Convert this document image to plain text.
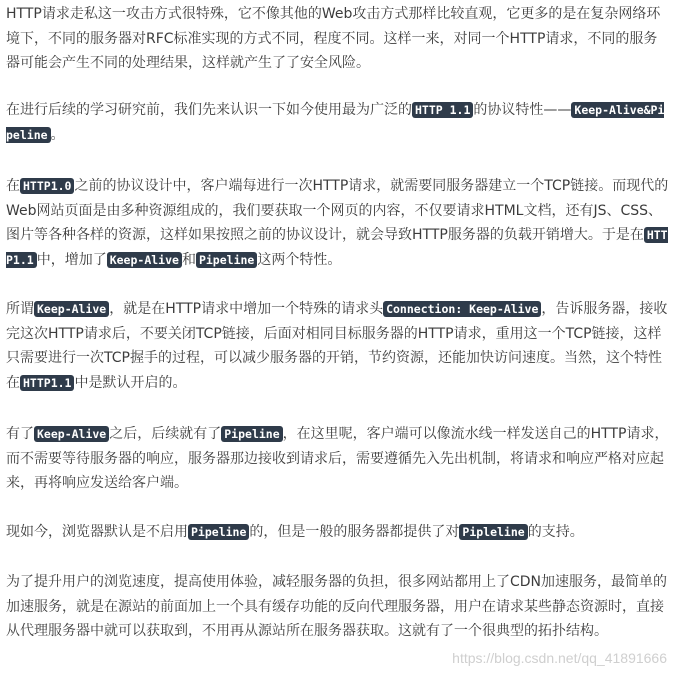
HTTP请求走私这一攻击方式很特殊，它不像其他的Web攻击方式那样比较直观，它更多的是在复杂网络环境下，不同的服务器对RFC标准实现的方式不同，程度不同。这样一来，对同一个HTTP请求，不同的服务器可能会产生不同的处理结果，这样就产生了了安全风险。

在进行后续的学习研究前，我们先来认识一下如今使用最为广泛的 HTTP 1.1 的协议特性—— Keep-Alive&Pipeline 。

在 HTTP1.0 之前的协议设计中，客户端每进行一次HTTP请求，就需要同服务器建立一个TCP链接。而现代的Web网站页面是由多种资源组成的，我们要获取一个网页的内容，不仅要请求HTML文档，还有JS、CSS、图片等各种各样的资源，这样如果按照之前的协议设计，就会导致HTTP服务器的负载开销增大。于是在 HTTP1.1 中，增加了 Keep-Alive 和 Pipeline 这两个特性。

所谓 Keep-Alive ，就是在HTTP请求中增加一个特殊的请求头 Connection: Keep-Alive ，告诉服务器，接收完这次HTTP请求后，不要关闭TCP链接，后面对相同目标服务器的HTTP请求，重用这一个TCP链接，这样只需要进行一次TCP握手的过程，可以减少服务器的开销，节约资源，还能加快访问速度。当然，这个特性在 HTTP1.1 中是默认开启的。

有了 Keep-Alive 之后，后续就有了 Pipeline ，在这里呢，客户端可以像流水线一样发送自己的HTTP请求，而不需要等待服务器的响应，服务器那边接收到请求后，需要遵循先入先出机制，将请求和响应严格对应起来，再将响应发送给客户端。

现如今，浏览器默认是不启用 Pipeline 的，但是一般的服务器都提供了对 Pipleline 的支持。

为了提升用户的浏览速度，提高使用体验，减轻服务器的负担，很多网站都用上了CDN加速服务，最简单的加速服务，就是在源站的前面加上一个具有缓存功能的反向代理服务器，用户在请求某些静态资源时，直接从代理服务器中就可以获取到，不用再从源站所在服务器获取。这就有了一个很典型的拓扑结构。

https://blog.csdn.net/qq_41891666
